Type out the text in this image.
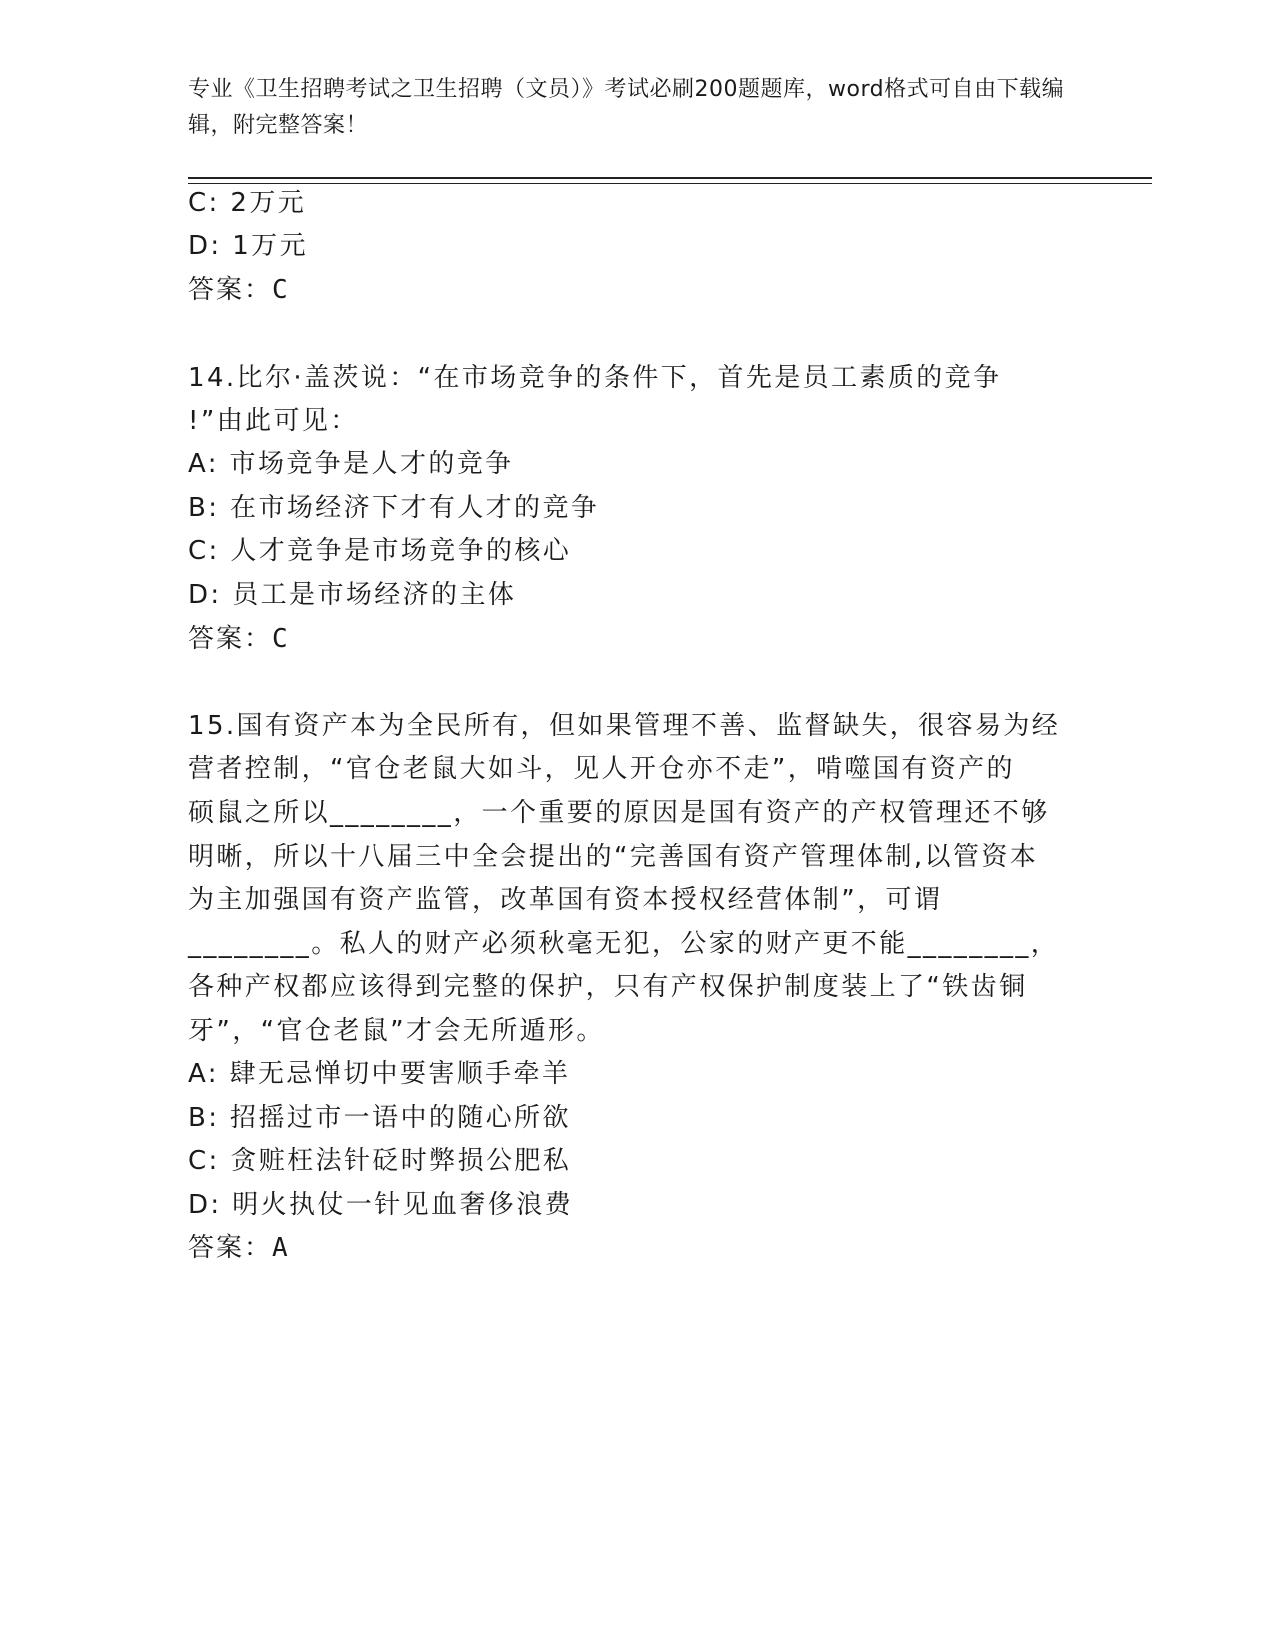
专业《卫生招聘考试之卫生招聘（文员）》考试必刷200题题库，word格式可自由下载编辑，附完整答案！
C: 2万元
D: 1万元
答案：C
14.比尔·盖茨说：“在市场竞争的条件下，首先是员工素质的竞争
!”由此可见：
A: 市场竞争是人才的竞争
B: 在市场经济下才有人才的竞争
C: 人才竞争是市场竞争的核心
D: 员工是市场经济的主体
答案：C
15.国有资产本为全民所有，但如果管理不善、监督缺失，很容易为经
营者控制，“官仓老鼠大如斗，见人开仓亦不走”，啃噬国有资产的
硕鼠之所以________，一个重要的原因是国有资产的产权管理还不够
明晰，所以十八届三中全会提出的“完善国有资产管理体制,以管资本
为主加强国有资产监管，改革国有资本授权经营体制”，可谓
________。私人的财产必须秋毫无犯，公家的财产更不能________，
各种产权都应该得到完整的保护，只有产权保护制度装上了“铁齿铜
牙”，“官仓老鼠”才会无所遁形。
A: 肆无忌惮切中要害顺手牵羊
B: 招摇过市一语中的随心所欲
C: 贪赃枉法针砭时弊损公肥私
D: 明火执仗一针见血奢侈浪费
答案：A
